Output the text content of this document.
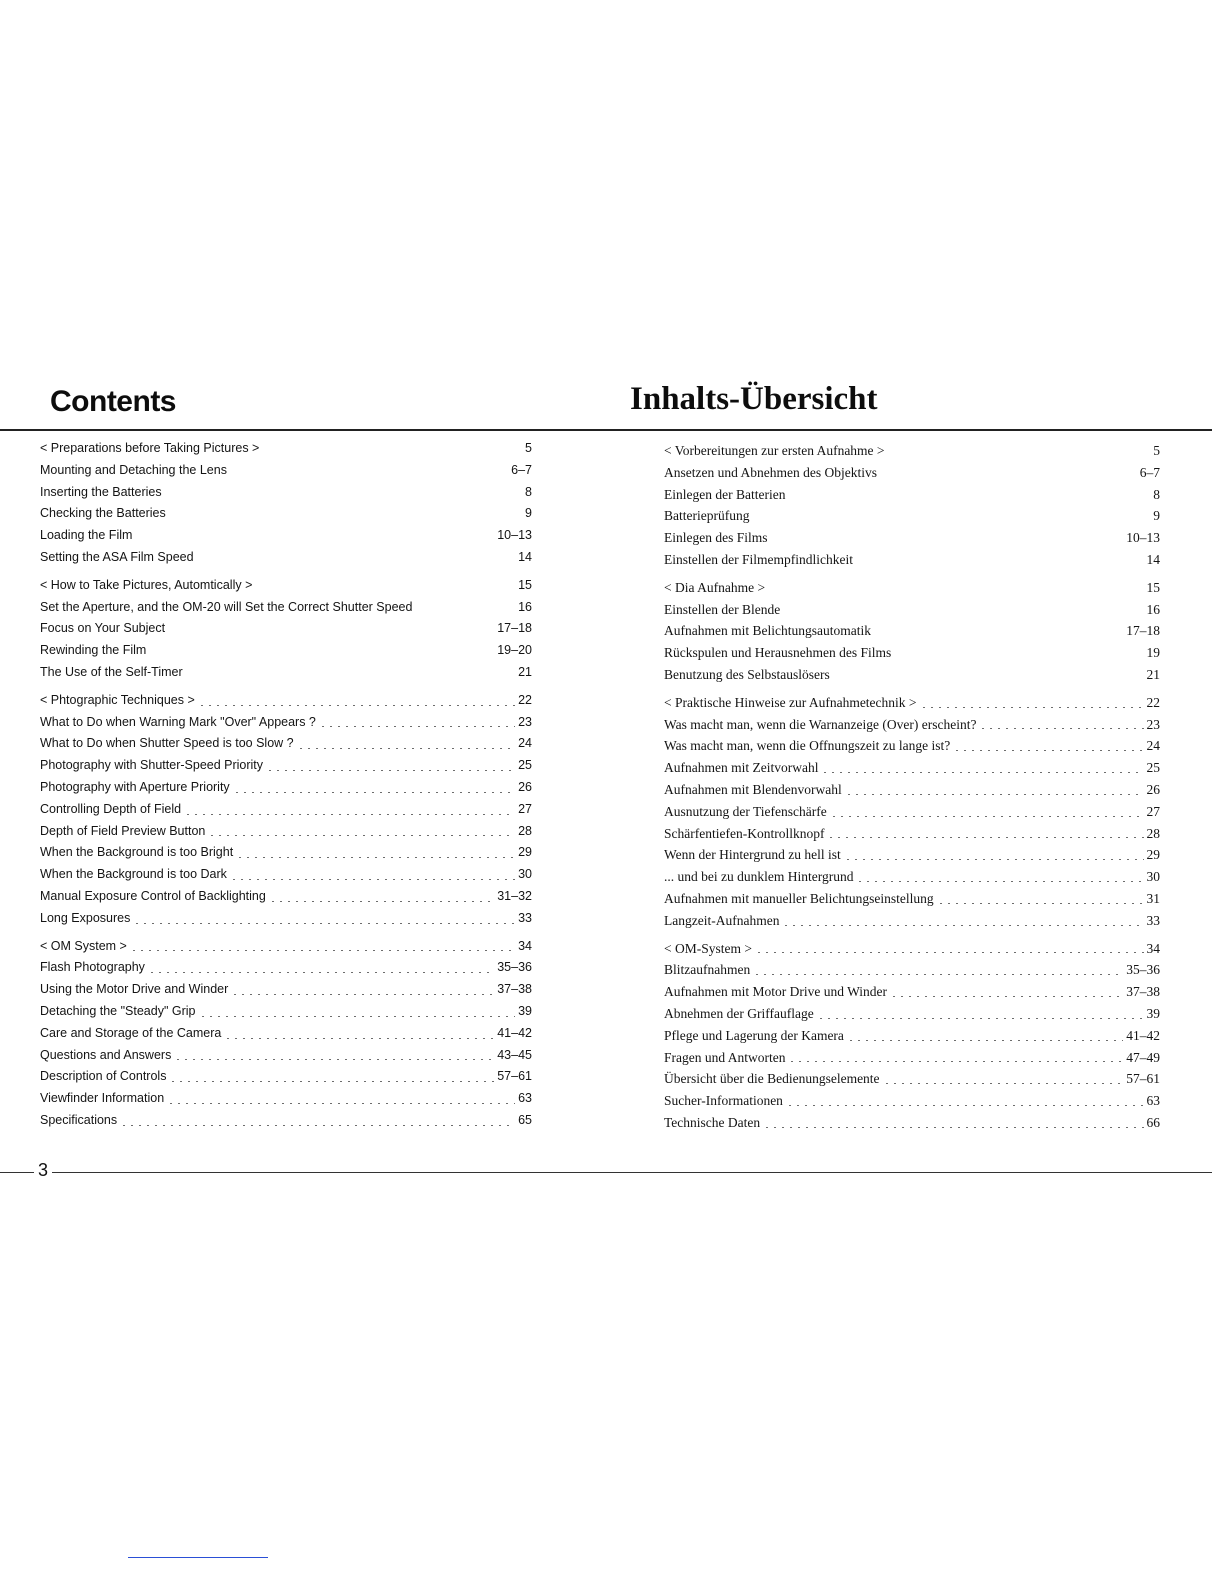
Contents	Inhalts-Übersicht
< Preparations before Taking Pictures >	5
Mounting and Detaching the Lens	6–7
Inserting the Batteries	8
Checking the Batteries	9
Loading the Film	10–13
Setting the ASA Film Speed	14
< How to Take Pictures, Automtically >	15
Set the Aperture, and the OM-20 will Set the Correct Shutter Speed	16
Focus on Your Subject	17–18
Rewinding the Film	19–20
The Use of the Self-Timer	21
< Phtographic Techniques >	22
What to Do when Warning Mark "Over" Appears ?	23
What to Do when Shutter Speed is too Slow ?	24
Photography with Shutter-Speed Priority	25
Photography with Aperture Priority	26
Controlling Depth of Field	27
Depth of Field Preview Button	28
When the Background is too Bright	29
When the Background is too Dark	30
Manual Exposure Control of Backlighting	31–32
Long Exposures	33
< OM System >	34
Flash Photography	35–36
Using the Motor Drive and Winder	37–38
Detaching the "Steady" Grip	39
Care and Storage of the Camera	41–42
Questions and Answers	43–45
Description of Controls	57–61
Viewfinder Information	63
Specifications	65
< Vorbereitungen zur ersten Aufnahme >	5
Ansetzen und Abnehmen des Objektivs	6–7
Einlegen der Batterien	8
Batterieprüfung	9
Einlegen des Films	10–13
Einstellen der Filmempfindlichkeit	14
< Dia Aufnahme >	15
Einstellen der Blende	16
Aufnahmen mit Belichtungsautomatik	17–18
Rückspulen und Herausnehmen des Films	19
Benutzung des Selbstauslösers	21
< Praktische Hinweise zur Aufnahmetechnik >	22
Was macht man, wenn die Warnanzeige (Over) erscheint?	23
Was macht man, wenn die Offnungszeit zu lange ist?	24
Aufnahmen mit Zeitvorwahl	25
Aufnahmen mit Blendenvorwahl	26
Ausnutzung der Tiefenschärfe	27
Schärfentiefen-Kontrollknopf	28
Wenn der Hintergrund zu hell ist	29
... und bei zu dunklem Hintergrund	30
Aufnahmen mit manueller Belichtungseinstellung	31
Langzeit-Aufnahmen	33
< OM-System >	34
Blitzaufnahmen	35–36
Aufnahmen mit Motor Drive und Winder	37–38
Abnehmen der Griffauflage	39
Pflege und Lagerung der Kamera	41–42
Fragen und Antworten	47–49
Übersicht über die Bedienungselemente	57–61
Sucher-Informationen	63
Technische Daten	66
3
